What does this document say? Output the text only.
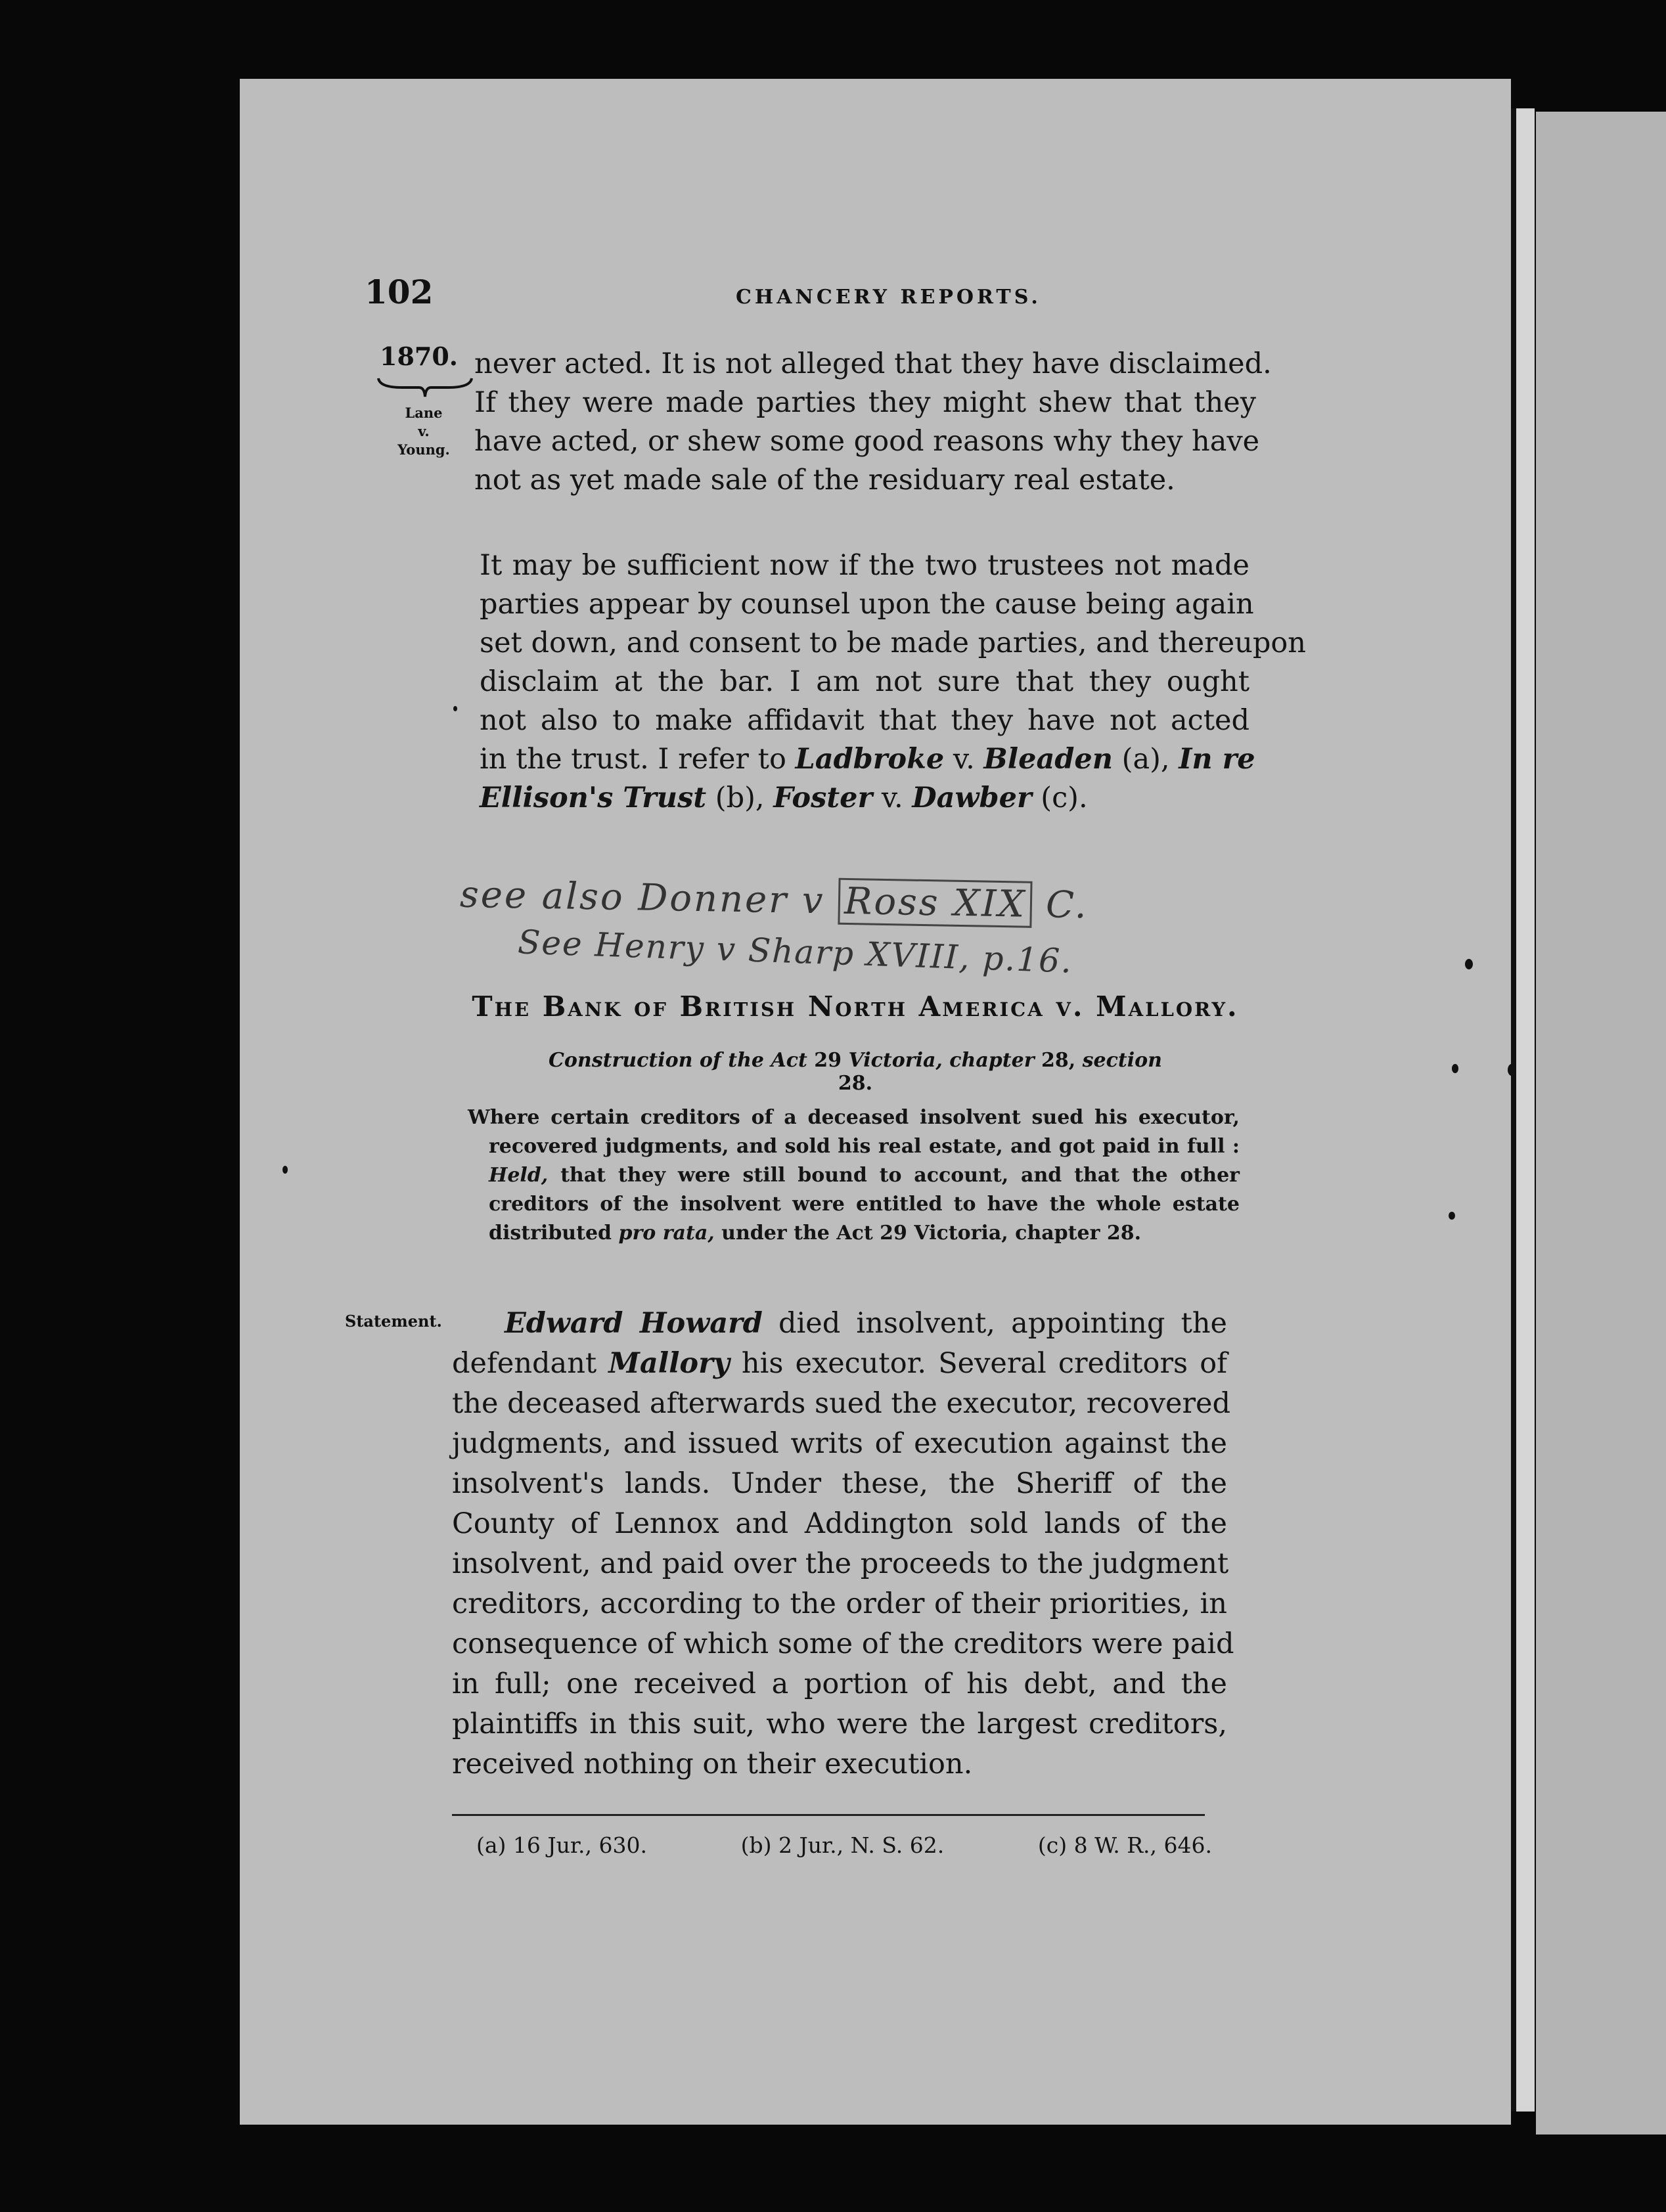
102	CHANCERY REPORTS.
1870.
Lane
v.
Young.
never acted. It is not alleged that they have disclaimed.
If they were made parties they might shew that they
have acted, or shew some good reasons why they have
not as yet made sale of the residuary real estate.
It may be sufficient now if the two trustees not made
parties appear by counsel upon the cause being again
set down, and consent to be made parties, and thereupon
disclaim at the bar. I am not sure that they ought
not also to make affidavit that they have not acted
in the trust. I refer to Ladbroke v. Bleaden (a), In re
Ellison's Trust (b), Foster v. Dawber (c).
see also Donner v Ross XIX C.
See Henry v Sharp XVIII, p.16.
The Bank of British North America v. Mallory.
Construction of the Act 29 Victoria, chapter 28, section 28.
Where certain creditors of a deceased insolvent sued his executor,
recovered judgments, and sold his real estate, and got paid in full :
Held, that they were still bound to account, and that the other
creditors of the insolvent were entitled to have the whole estate
distributed pro rata, under the Act 29 Victoria, chapter 28.
Statement.	Edward Howard died insolvent, appointing the
defendant Mallory his executor. Several creditors of
the deceased afterwards sued the executor, recovered
judgments, and issued writs of execution against the
insolvent's lands. Under these, the Sheriff of the
County of Lennox and Addington sold lands of the
insolvent, and paid over the proceeds to the judgment
creditors, according to the order of their priorities, in
consequence of which some of the creditors were paid
in full; one received a portion of his debt, and the
plaintiffs in this suit, who were the largest creditors,
received nothing on their execution.
(a) 16 Jur., 630.	(b) 2 Jur., N. S. 62.	(c) 8 W. R., 646.
